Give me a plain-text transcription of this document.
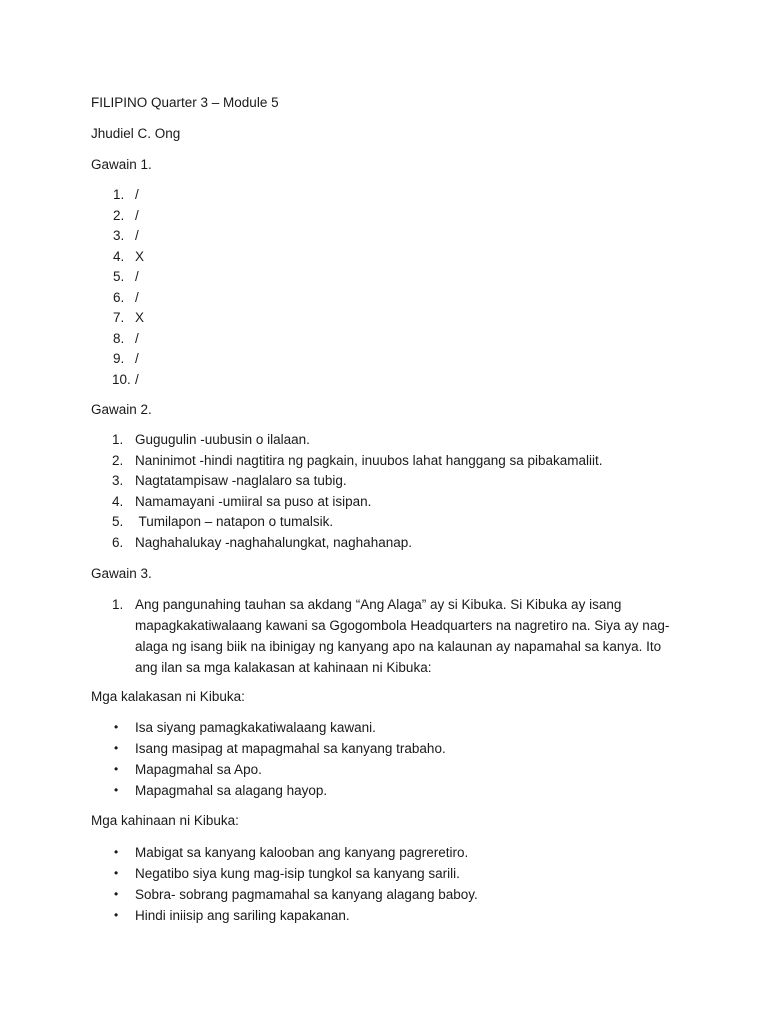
FILIPINO Quarter 3 – Module 5

Jhudiel C. Ong

Gawain 1.

1. /
2. /
3. /
4. X
5. /
6. /
7. X
8. /
9. /
10. /

Gawain 2.

1. Gugugulin -uubusin o ilalaan.
2. Naninimot -hindi nagtitira ng pagkain, inuubos lahat hanggang sa pibakamaliit.
3. Nagtatampisaw -naglalaro sa tubig.
4. Namamayani -umiiral sa puso at isipan.
5. Tumilapon – natapon o tumalsik.
6. Naghahalukay -naghahalungkat, naghahanap.

Gawain 3.

1. Ang pangunahing tauhan sa akdang “Ang Alaga” ay si Kibuka. Si Kibuka ay isang mapagkakatiwalaang kawani sa Ggogombola Headquarters na nagretiro na. Siya ay nag-alaga ng isang biik na ibinigay ng kanyang apo na kalaunan ay napamahal sa kanya. Ito ang ilan sa mga kalakasan at kahinaan ni Kibuka:

Mga kalakasan ni Kibuka:

• Isa siyang pamagkakatiwalaang kawani.
• Isang masipag at mapagmahal sa kanyang trabaho.
• Mapagmahal sa Apo.
• Mapagmahal sa alagang hayop.

Mga kahinaan ni Kibuka:

• Mabigat sa kanyang kalooban ang kanyang pagreretiro.
• Negatibo siya kung mag-isip tungkol sa kanyang sarili.
• Sobra- sobrang pagmamahal sa kanyang alagang baboy.
• Hindi iniisip ang sariling kapakanan.
